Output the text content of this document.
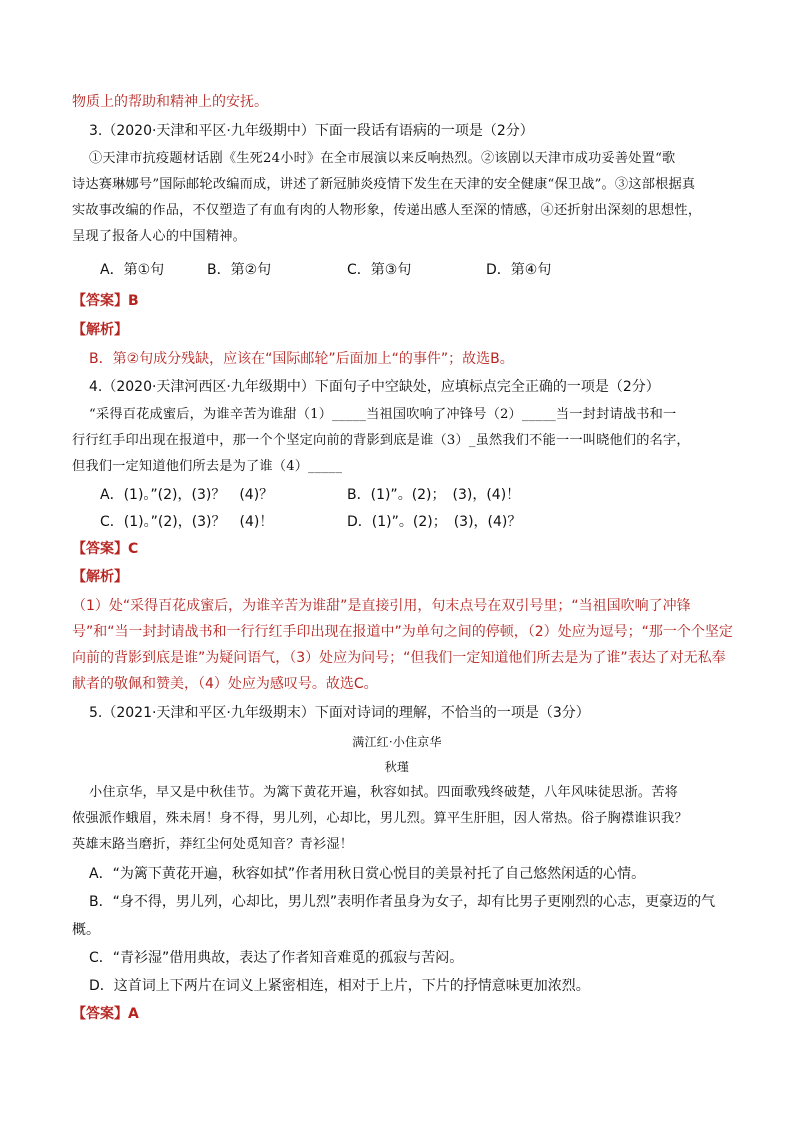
物质上的帮助和精神上的安抚。
3.（2020·天津和平区·九年级期中）下面一段话有语病的一项是（2分）
①天津市抗疫题材话剧《生死24小时》在全市展演以来反响热烈。②该剧以天津市成功妥善处置“歌
诗达赛琳娜号”国际邮轮改编而成，讲述了新冠肺炎疫情下发生在天津的安全健康“保卫战”。③这部根据真
实故事改编的作品，不仅塑造了有血有肉的人物形象，传递出感人至深的情感，④还折射出深刻的思想性，
呈现了报备人心的中国精神。
A．第①句	B．第②句	C．第③句	D．第④句
【答案】B
【解析】
B．第②句成分残缺，应该在“国际邮轮”后面加上“的事件”；故选B。
4.（2020·天津河西区·九年级期中）下面句子中空缺处，应填标点完全正确的一项是（2分）
“采得百花成蜜后，为谁辛苦为谁甜（1）_____当祖国吹响了冲锋号（2）_____当一封封请战书和一
行行红手印出现在报道中，那一个个坚定向前的背影到底是谁（3）_虽然我们不能一一叫晓他们的名字，
但我们一定知道他们所去是为了谁（4）_____
A．(1)。”(2)，(3)？　(4)？	B．(1)”。(2)；　(3)，(4)！
C．(1)。”(2)，(3)？　(4)！	D．(1)”。(2)；　(3)，(4)？
【答案】C
【解析】
（1）处“采得百花成蜜后，为谁辛苦为谁甜”是直接引用，句末点号在双引号里；“当祖国吹响了冲锋
号”和“当一封封请战书和一行行红手印出现在报道中”为单句之间的停顿，（2）处应为逗号；“那一个个坚定
向前的背影到底是谁”为疑问语气，（3）处应为问号；“但我们一定知道他们所去是为了谁”表达了对无私奉
献者的敬佩和赞美，（4）处应为感叹号。故选C。
5.（2021·天津和平区·九年级期末）下面对诗词的理解，不恰当的一项是（3分）
满江红·小住京华
秋瑾
小住京华，早又是中秋佳节。为篱下黄花开遍，秋容如拭。四面歌残终破楚，八年风味徒思浙。苦将
侬强派作蛾眉，殊未屑！身不得，男儿列，心却比，男儿烈。算平生肝胆，因人常热。俗子胸襟谁识我？
英雄末路当磨折，莽红尘何处觅知音？青衫湿！
A．“为篱下黄花开遍，秋容如拭”作者用秋日赏心悦目的美景衬托了自己悠然闲适的心情。
B．“身不得，男儿列，心却比，男儿烈”表明作者虽身为女子，却有比男子更刚烈的心志，更豪迈的气
概。
C．“青衫湿”借用典故，表达了作者知音难觅的孤寂与苦闷。
D．这首词上下两片在词义上紧密相连，相对于上片，下片的抒情意味更加浓烈。
【答案】A
